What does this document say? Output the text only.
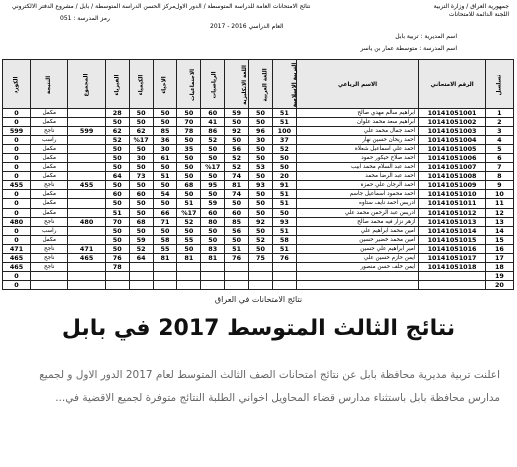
جمهورية العراق / وزارة التربية
اللجنة الدائمة للامتحانات
نتائج الامتحانات العامة للدراسة المتوسطة / الدور الاول
العام الدراسي 2016 - 2017
مركز الحسن الدراسة المتوسطة / بابل / مشروع الدفتر الالكتروني
رمز المدرسة : 051
اسم المديرية : تربية بابل
اسم المدرسة : متوسطة عمار بن ياسر
الكورد	النتيجة	المجموع	الفيزياء	الكيمياء	الاحياء	الاجتماعيات	الرياضيات	اللغة الانكليزية	اللغة العربية	التربية الاسلامية	الاسم الرباعي	الرقم الامتحاني	تسلسل
0	مكمل		28	50	50	50	60	59	50	51	ابراهيم سالم مهدي صالح	10141051001	1
0	مكمل		50	50	50	70	41	50	50	51	ابراهيم سعد محمد علوان	10141051002	2
599	ناجح	599	62	62	85	78	86	92	96	100	احمد جمال محمد علي	10141051003	3
0	راسب		52	%17	36	50	52	50	30	37	احمد ريحان حسين نهار	10141051004	4
0	مكمل		50	50	30	35	50	56	50	52	احمد علي اسماعيل شعلاة	10141051005	5
0	مكمل		50	30	61	50	50	52	50	50	احمد صلاح حيكور حمود	10141051006	6
0	مكمل		50	50	50	50	%17	52	53	50	احمد عبد السلام محمد ابيب	10141051007	7
0	مكمل		64	73	51	50	50	74	50	20	احمد عبد الرضا محمد	10141051008	8
455	ناجح	455	50	50	50	68	95	81	93	91	احمد الرجان علي حمزة	10141051009	9
0	مكمل		60	60	54	50	50	74	50	51	احمد محمود اسماعيل جاسم	10141051010	10
0	مكمل		50	50	50	51	59	50	50	51	ادريس احمد نايف ستاوه	10141051011	11
0	مكمل		51	50	66	%17	60	60	50	50	ادريس عبد الرحمن محمد علي	10141051012	12
480	ناجح	480	70	68	71	52	80	85	92	93	ازهر نزار فيه محمد صالح	10141051013	13
0	راسب		50	50	50	50	50	56	50	51	امين محمد ابراهيم علي	10141051014	14
0	مكمل		50	59	58	55	50	50	52	58	امين محمد خضير حسين	10141051015	15
471	ناجح	471	50	52	55	50	83	51	50	51	امير ابراهيم علي حسين	10141051016	16
465	ناجح	465	76	64	81	81	81	76	75	76	ايمن حازم حسين علي	10141051017	17
465	ناجح		78								ايمن خلف حسن منصور	10141051018	18
0													19
0													20
نتائج الامتحانات في العراق
نتائج الثالث المتوسط 2017 في بابل
اعلنت تربية مديرية محافظة بابل عن نتائج امتحانات الصف الثالث المتوسط لعام 2017 الدور الاول و لجميع مدارس محافظة بابل باستثناء مدارس قضاء المحاويل اخواني الطلبة النتائج متوفرة لجميع الاقضية في...
